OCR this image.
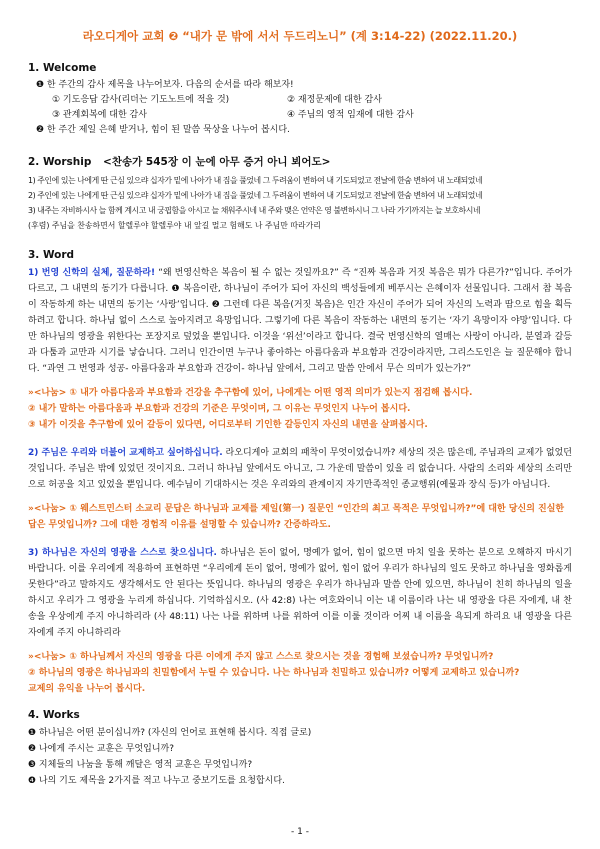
라오디게아 교회 ❷ “내가 문 밖에 서서 두드리노니” (계 3:14-22) (2022.11.20.)
1. Welcome
❶ 한 주간의 감사 제목을 나누어보자. 다음의 순서를 따라 해보자!
① 기도응답 감사(리더는 기도노트에 적을 것)	② 재정문제에 대한 감사
③ 관계회복에 대한 감사	④ 주님의 영적 임재에 대한 감사
❷ 한 주간 제일 은혜 받거나, 힘이 된 말씀 묵상을 나누어 봅시다.
2. Worship <찬송가 545장 이 눈에 아무 증거 아니 뵈어도>
1) 주인에 있는 나에게 딴 근심 있으랴 십자가 밑에 나아가 내 짐을 풀었네 그 두려움이 변하여 내 기도되었고 전날에 한숨 변하여 내 노래되었네
2) 주인에 있는 나에게 딴 근심 있으랴 십자가 밑에 나아가 내 짐을 풀었네 그 두려움이 변하여 내 기도되었고 전날에 한숨 변하여 내 노래되었네
3) 내주는 자비하시사 늘 함께 계시고 내 궁핍함을 아시고 늘 채워주시네 내 주와 맺은 언약은 영 불변하시니 그 나라 가기까지는 늘 보호하시네
(후렴) 주님을 찬송하면서 할렐루야 할렐루야 내 앞길 멀고 험해도 나 주님만 따라가리
3. Word

1) 번영 신학의 실체, 질문하라! “왜 번영신학은 복음이 될 수 없는 것일까요?” 즉 “진짜 복음과 거짓 복음은 뭐가 다른가?”입니다. 주어가 다르고, 그 내면의 동기가 다릅니다. ❶ 복음이란, 하나님이 주어가 되어 자신의 백성들에게 베푸시는 은혜이자 선물입니다. 그래서 참 복음이 작동하게 하는 내면의 동기는 ‘사랑’입니다. ❷ 그런데 다른 복음(거짓 복음)은 인간 자신이 주어가 되어 자신의 노력과 땀으로 힘을 획득하려고 합니다. 하나님 없이 스스로 높아지려고 욕망입니다. 그렇기에 다른 복음이 작동하는 내면의 동기는 ‘자기 욕망이자 야망’입니다. 다만 하나님의 영광을 위한다는 포장지로 덮었을 뿐입니다. 이것을 ‘위선’이라고 합니다. 결국 번영신학의 열매는 사랑이 아니라, 분열과 갈등과 다툼과 교만과 시기를 낳습니다. 그러니 인간이면 누구나 좋아하는 아름다움과 부요함과 건강이라지만, 그리스도인은 늘 질문해야 합니다. “과연 그 번영과 성공- 아름다움과 부요함과 건강이- 하나님 앞에서, 그리고 말씀 안에서 무슨 의미가 있는가?”

»<나눔> ① 내가 아름다움과 부요함과 건강을 추구함에 있어, 나에게는 어떤 영적 의미가 있는지 점검해 봅시다.
② 내가 말하는 아름다움과 부요함과 건강의 기준은 무엇이며, 그 이유는 무엇인지 나누어 봅시다.
③ 내가 이것을 추구함에 있어 갈등이 있다면, 어디로부터 기인한 갈등인지 자신의 내면을 살펴봅시다.

2) 주님은 우리와 더불어 교제하고 싶어하십니다. 라오디게아 교회의 패착이 무엇이었습니까? 세상의 것은 많은데, 주님과의 교제가 없었던 것입니다. 주님은 밖에 있었던 것이지요. 그러니 하나님 앞에서도 아니고, 그 가운데 말씀이 있을 리 없습니다. 사람의 소리와 세상의 소리만으로 허공을 치고 있었을 뿐입니다. 예수님이 기대하시는 것은 우리와의 관계이지 자기만족적인 종교행위(예물과 장식 등)가 아닙니다.

»<나눔> ① 웨스트민스터 소교리 문답은 하나님과 교제를 제일(第一) 질문인 “인간의 최고 목적은 무엇입니까?”에 대한 당신의 진실한 답은 무엇입니까? 그에 대한 경험적 이유를 설명할 수 있습니까? 간증하라도.

3) 하나님은 자신의 영광을 스스로 찾으십니다. 하나님은 돈이 없어, 명예가 없어, 힘이 없으면 마치 일을 못하는 분으로 오해하지 마시기 바랍니다. 이를 우리에게 적용하여 표현하면 “우리에게 돈이 없어, 명예가 없어, 힘이 없어 우리가 하나님의 일도 못하고 하나님을 영화롭게 못한다”라고 말하지도 생각해서도 안 된다는 뜻입니다. 하나님의 영광은 우리가 하나님과 말씀 안에 있으면, 하나님이 친히 하나님의 일을 하시고 우리가 그 영광을 누리게 하십니다. 기억하십시오. (사 42:8) 나는 여호와이니 이는 내 이름이라 나는 내 영광을 다른 자에게, 내 찬송을 우상에게 주지 아니하리라 (사 48:11) 나는 나를 위하며 나를 위하여 이를 이룰 것이라 어찌 내 이름을 욕되게 하리요 내 영광을 다른 자에게 주지 아니하리라

»<나눔> ① 하나님께서 자신의 영광을 다른 이에게 주지 않고 스스로 찾으시는 것을 경험해 보셨습니까? 무엇입니까?
② 하나님의 영광은 하나님과의 친밀함에서 누릴 수 있습니다. 나는 하나님과 친밀하고 있습니까? 어떻게 교제하고 있습니까?
교제의 유익을 나누어 봅시다.
4. Works
❶ 하나님은 어떤 분이십니까? (자신의 언어로 표현해 봅시다. 직접 글로)
❷ 나에게 주시는 교훈은 무엇입니까?
❸ 지체들의 나눔을 통해 깨달은 영적 교훈은 무엇입니까?
❹ 나의 기도 제목을 2가지를 적고 나누고 중보기도를 요청합시다.
- 1 -
